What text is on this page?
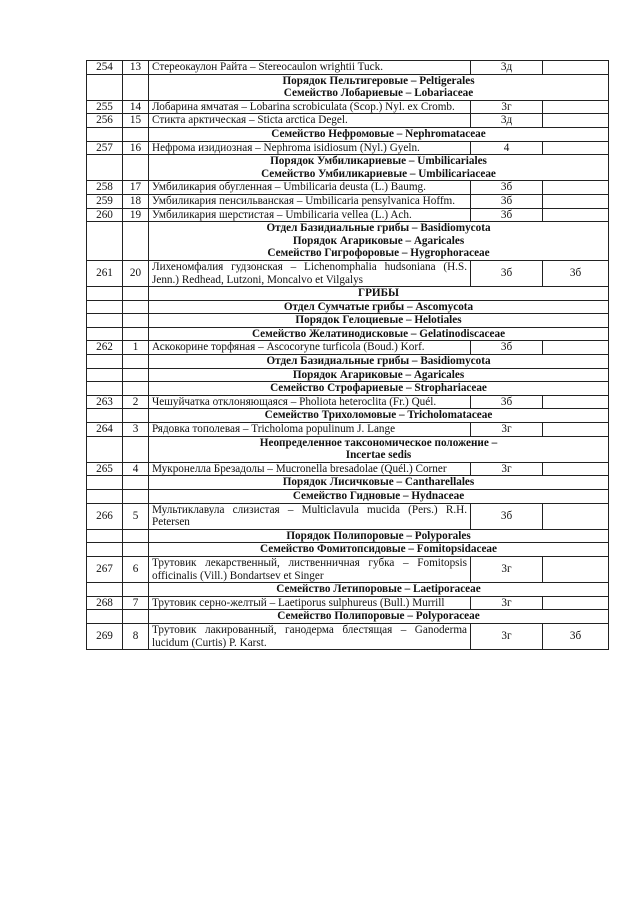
254	13	Стереокаулон Райта – Stereocaulon wrightii Tuck.	3д	

		Порядок Пельтигеровые – Peltigerales
Семейство Лобариевые – Lobariaceae		

255	14	Лобарина ямчатая – Lobarina scrobiculata (Scop.) Nyl. ex Cromb.	3г	
256	15	Стикта арктическая – Sticta arctica Degel.	3д	

		Семейство Нефромовые – Nephromataceae		

257	16	Нефрома изидиозная – Nephroma isidiosum (Nyl.) Gyeln.	4	

		Порядок Умбиликариевые – Umbilicariales
Семейство Умбиликариевые – Umbilicariaceae		

258	17	Умбиликария обугленная – Umbilicaria deusta (L.) Baumg.	3б	
259	18	Умбиликария пенсильванская – Umbilicaria pensylvanica Hoffm.	3б	
260	19	Умбиликария шерстистая – Umbilicaria vellea (L.) Ach.	3б	

		Отдел Базидиальные грибы – Basidiomycota
Порядок Агариковые – Agaricales
Семейство Гигрофоровые – Hygrophoraceae		

261	20	Лихеномфалия гудзонская – Lichenomphalia hudsoniana (H.S. Jenn.) Redhead, Lutzoni, Moncalvo et Vilgalys	3б	3б

		ГРИБЫ		

		Отдел Сумчатые грибы – Ascomycota		

		Порядок Гелоциевые – Helotiales		

		Семейство Желатинодисковые – Gelatinodiscaceae		

262	1	Аскокорине торфяная – Ascocoryne turficola (Boud.) Korf.	3б	

		Отдел Базидиальные грибы – Basidiomycota		

		Порядок Агариковые – Agaricales		

		Семейство Строфариевые – Strophariaceae		

263	2	Чешуйчатка отклоняющаяся – Pholiota heteroclita (Fr.) Quél.	3б	

		Семейство Трихоломовые – Tricholomataceae		

264	3	Рядовка тополевая – Tricholoma populinum J. Lange	3г	

		Неопределенное таксономическое положение –
Incertae sedis		

265	4	Мукронелла Брезадолы – Mucronella bresadolae (Quél.) Corner	3г	

		Порядок Лисичковые – Cantharellales		

		Семейство Гидновые – Hydnaceae		

266	5	Мультиклавула слизистая – Multiclavula mucida (Pers.) R.H. Petersen	3б	

		Порядок Полипоровые – Polyporales		

		Семейство Фомитопсидовые – Fomitopsidaceae		

267	6	Трутовик лекарственный, лиственничная губка – Fomitopsis officinalis (Vill.) Bondartsev et Singer	3г	

		Семейство Летипоровые – Laetiporaceae		

268	7	Трутовик серно-желтый – Laetiporus sulphureus (Bull.) Murrill	3г	

		Семейство Полипоровые – Polyporaceae		

269	8	Трутовик лакированный, ганодерма блестящая – Ganoderma lucidum (Curtis) P. Karst.	3г	3б
